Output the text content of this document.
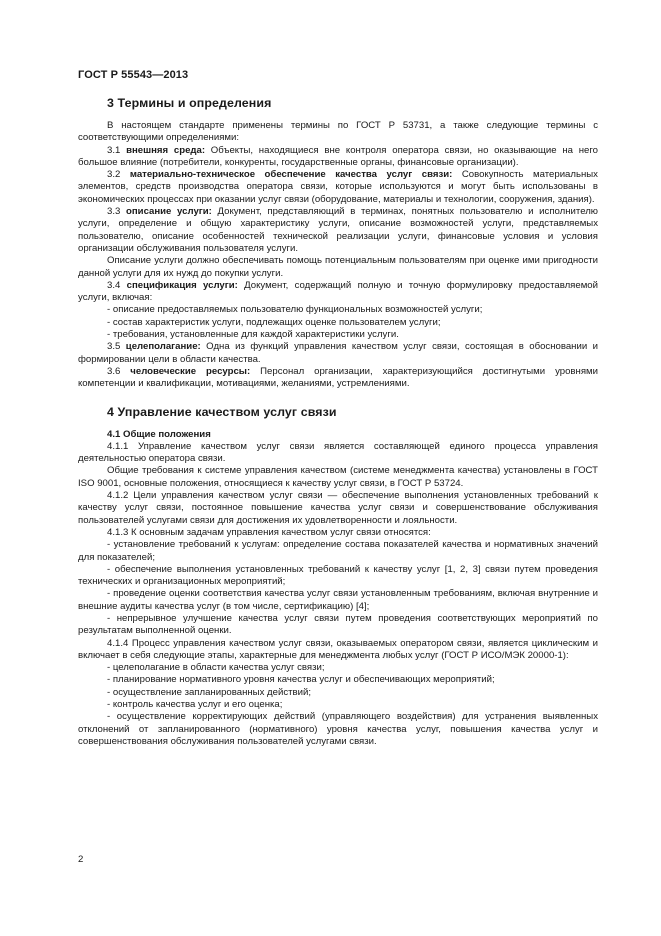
ГОСТ Р 55543—2013
3 Термины и определения

В настоящем стандарте применены термины по ГОСТ Р 53731, а также следующие термины с соответствующими определениями:

3.1 внешняя среда: Объекты, находящиеся вне контроля оператора связи, но оказывающие на него большое влияние (потребители, конкуренты, государственные органы, финансовые организации).

3.2 материально-техническое обеспечение качества услуг связи: Совокупность материальных элементов, средств производства оператора связи, которые используются и могут быть использованы в экономических процессах при оказании услуг связи (оборудование, материалы и технологии, сооружения, здания).

3.3 описание услуги: Документ, представляющий в терминах, понятных пользователю и исполнителю услуги, определение и общую характеристику услуги, описание возможностей услуги, представляемых пользователю, описание особенностей технической реализации услуги, финансовые условия и условия организации обслуживания пользователя услуги.

Описание услуги должно обеспечивать помощь потенциальным пользователям при оценке ими пригодности данной услуги для их нужд до покупки услуги.

3.4 спецификация услуги: Документ, содержащий полную и точную формулировку предоставляемой услуги, включая:

- описание предоставляемых пользователю функциональных возможностей услуги;

- состав характеристик услуги, подлежащих оценке пользователем услуги;

- требования, установленные для каждой характеристики услуги.

3.5 целеполагание: Одна из функций управления качеством услуг связи, состоящая в обосновании и формировании цели в области качества.

3.6 человеческие ресурсы: Персонал организации, характеризующийся достигнутыми уровнями компетенции и квалификации, мотивациями, желаниями, устремлениями.

4 Управление качеством услуг связи
4.1 Общие положения

4.1.1 Управление качеством услуг связи является составляющей единого процесса управления деятельностью оператора связи.

Общие требования к системе управления качеством (системе менеджмента качества) установлены в ГОСТ ISO 9001, основные положения, относящиеся к качеству услуг связи, в ГОСТ Р 53724.

4.1.2 Цели управления качеством услуг связи — обеспечение выполнения установленных требований к качеству услуг связи, постоянное повышение качества услуг связи и совершенствование обслуживания пользователей услугами связи для достижения их удовлетворенности и лояльности.

4.1.3 К основным задачам управления качеством услуг связи относятся:

- установление требований к услугам: определение состава показателей качества и нормативных значений для показателей;

- обеспечение выполнения установленных требований к качеству услуг [1, 2, 3] связи путем проведения технических и организационных мероприятий;

- проведение оценки соответствия качества услуг связи установленным требованиям, включая внутренние и внешние аудиты качества услуг (в том числе, сертификацию) [4];

- непрерывное улучшение качества услуг связи путем проведения соответствующих мероприятий по результатам выполненной оценки.

4.1.4 Процесс управления качеством услуг связи, оказываемых оператором связи, является циклическим и включает в себя следующие этапы, характерные для менеджмента любых услуг (ГОСТ Р ИСО/МЭК 20000-1):

- целеполагание в области качества услуг связи;

- планирование нормативного уровня качества услуг и обеспечивающих мероприятий;

- осуществление запланированных действий;

- контроль качества услуг и его оценка;

- осуществление корректирующих действий (управляющего воздействия) для устранения выявленных отклонений от запланированного (нормативного) уровня качества услуг, повышения качества услуг и совершенствования обслуживания пользователей услугами связи.

2
